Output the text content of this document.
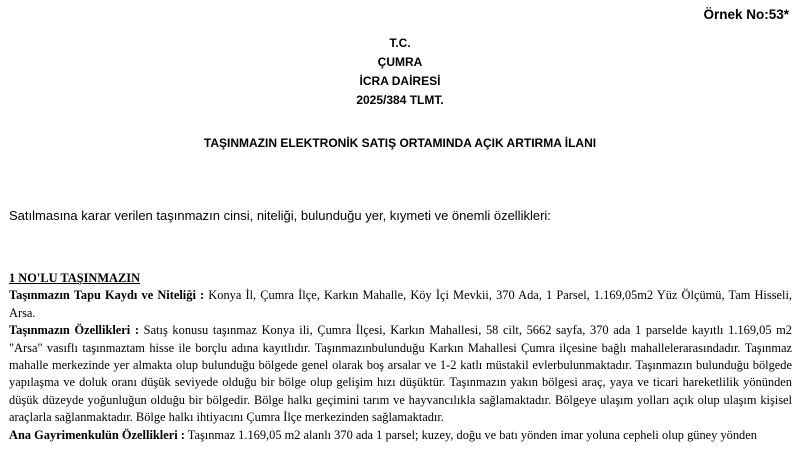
Örnek No:53*

T.C.
ÇUMRA
İCRA DAİRESİ
2025/384 TLMT.

TAŞINMAZIN ELEKTRONİK SATIŞ ORTAMINDA AÇIK ARTIRMA İLANI

Satılmasına karar verilen taşınmazın cinsi, niteliği, bulunduğu yer, kıymeti ve önemli özellikleri:

1 NO'LU TAŞINMAZIN

Taşınmazın Tapu Kaydı ve Niteliği : Konya İl, Çumra İlçe, Karkın Mahalle, Köy İçi Mevkii, 370 Ada, 1 Parsel, 1.169,05m2 Yüz Ölçümü, Tam Hisseli, Arsa.

Taşınmazın Özellikleri : Satış konusu taşınmaz Konya ili, Çumra İlçesi, Karkın Mahallesi, 58 cilt, 5662 sayfa, 370 ada 1 parselde kayıtlı 1.169,05 m2 "Arsa" vasıflı taşınmaztam hisse ile borçlu adına kayıtlıdır. Taşınmazınbulunduğu Karkın Mahallesi Çumra ilçesine bağlı mahallelerarasındadır. Taşınmaz mahalle merkezinde yer almakta olup bulunduğu bölgede genel olarak boş arsalar ve 1-2 katlı müstakil evlerbulunmaktadır. Taşınmazın bulunduğu bölgede yapılaşma ve doluk oranı düşük seviyede olduğu bir bölge olup gelişim hızı düşüktür. Taşınmazın yakın bölgesi araç, yaya ve ticari hareketlilik yönünden düşük düzeyde yoğunluğun olduğu bir bölgedir. Bölge halkı geçimini tarım ve hayvancılıkla sağlamaktadır. Bölgeye ulaşım yolları açık olup ulaşım kişisel araçlarla sağlanmaktadır. Bölge halkı ihtiyacını Çumra İlçe merkezinden sağlamaktadır.

Ana Gayrimenkulün Özellikleri : Taşınmaz 1.169,05 m2 alanlı 370 ada 1 parsel; kuzey, doğu ve batı yönden imar yoluna cepheli olup güney yönden
